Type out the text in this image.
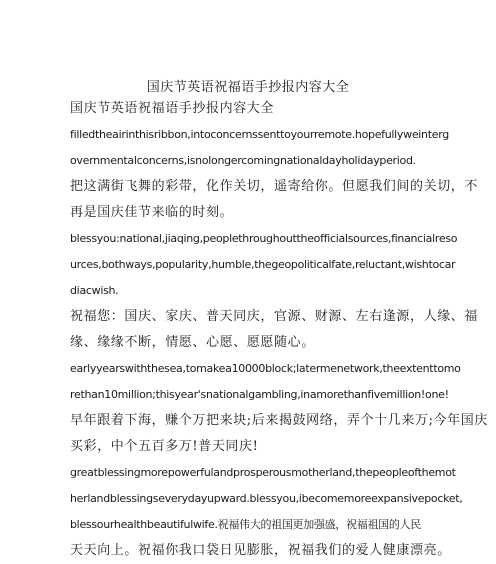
国庆节英语祝福语手抄报内容大全
国庆节英语祝福语手抄报内容大全
filledtheairinthisribbon,intoconcernssenttoyourremote.hopefullyweinterg
overnmentalconcerns,isnolongercomingnationaldayholidayperiod.
把这满街飞舞的彩带，化作关切，遥寄给你。但愿我们间的关切，不
再是国庆佳节来临的时刻。
blessyou:national,jiaqing,peoplethroughouttheofficialsources,financialreso
urces,bothways,popularity,humble,thegeopoliticalfate,reluctant,wishtocar
diacwish.
祝福您：国庆、家庆、普天同庆，官源、财源、左右逢源，人缘、福
缘、缘缘不断，情愿、心愿、愿愿随心。
earlyyearswiththesea,tomakea10000block;latermenetwork,theextenttomo
rethan10million;thisyear'snationalgambling,inamorethanfivemillion!one!
早年跟着下海，赚个万把来块;后来揭鼓网络，弄个十几来万;今年国庆
买彩，中个五百多万!普天同庆!
greatblessingmorepowerfulandprosperousmotherland,thepeopleofthemot
herlandblessingseverydayupward.blessyou,ibecomemoreexpansivepocket,
blessourhealthbeautifulwife.祝福伟大的祖国更加强盛，祝福祖国的人民
天天向上。祝福你我口袋日见膨胀，祝福我们的爱人健康漂亮。
